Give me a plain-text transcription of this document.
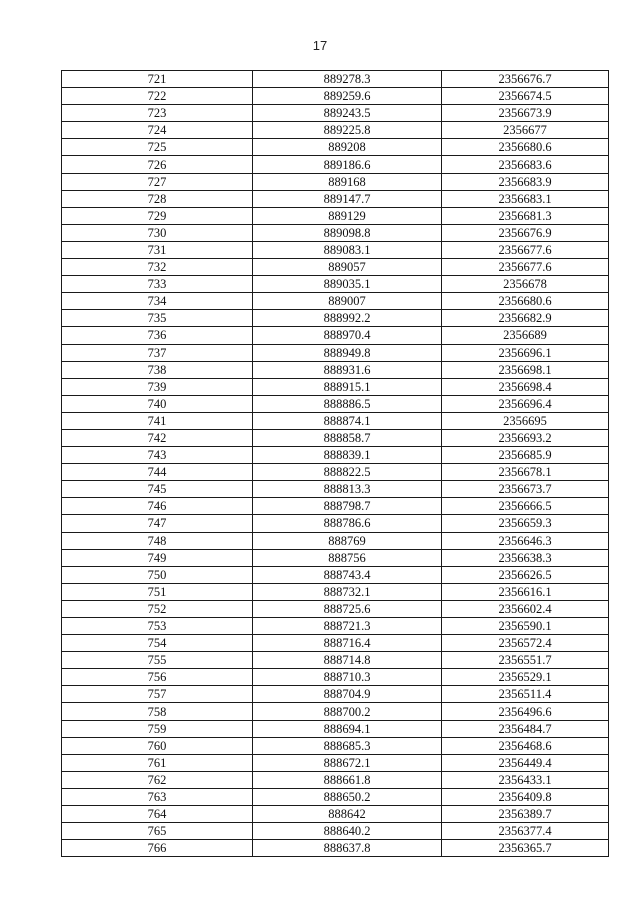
17
721	889278.3	2356676.7
722	889259.6	2356674.5
723	889243.5	2356673.9
724	889225.8	2356677
725	889208	2356680.6
726	889186.6	2356683.6
727	889168	2356683.9
728	889147.7	2356683.1
729	889129	2356681.3
730	889098.8	2356676.9
731	889083.1	2356677.6
732	889057	2356677.6
733	889035.1	2356678
734	889007	2356680.6
735	888992.2	2356682.9
736	888970.4	2356689
737	888949.8	2356696.1
738	888931.6	2356698.1
739	888915.1	2356698.4
740	888886.5	2356696.4
741	888874.1	2356695
742	888858.7	2356693.2
743	888839.1	2356685.9
744	888822.5	2356678.1
745	888813.3	2356673.7
746	888798.7	2356666.5
747	888786.6	2356659.3
748	888769	2356646.3
749	888756	2356638.3
750	888743.4	2356626.5
751	888732.1	2356616.1
752	888725.6	2356602.4
753	888721.3	2356590.1
754	888716.4	2356572.4
755	888714.8	2356551.7
756	888710.3	2356529.1
757	888704.9	2356511.4
758	888700.2	2356496.6
759	888694.1	2356484.7
760	888685.3	2356468.6
761	888672.1	2356449.4
762	888661.8	2356433.1
763	888650.2	2356409.8
764	888642	2356389.7
765	888640.2	2356377.4
766	888637.8	2356365.7
